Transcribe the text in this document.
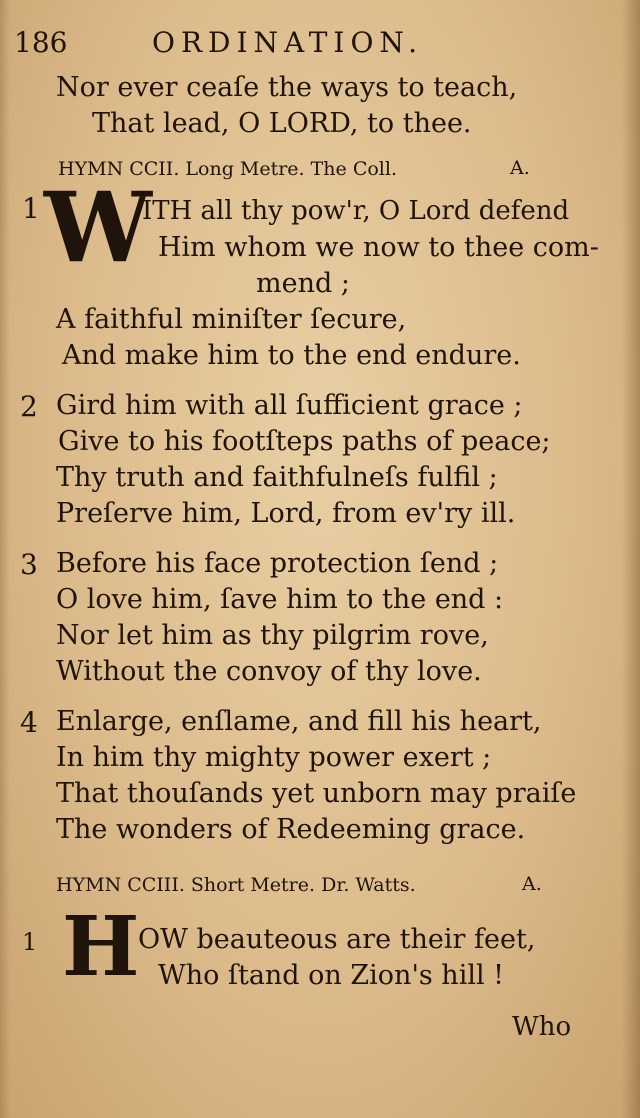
186	ORDINATION.
Nor ever ceaſe the ways to teach,
That lead, O LORD, to thee.
HYMN CCII. Long Metre. The Coll.	A.
1 W
ITH all thy pow'r, O Lord defend
Him whom we now to thee com-
mend ;
A faithful miniſter ſecure,
And make him to the end endure.
2 Gird him with all ſufficient grace ;
Give to his footſteps paths of peace;
Thy truth and faithfulneſs fulfil ;
Preſerve him, Lord, from ev'ry ill.
3 Before his face protection ſend ;
O love him, ſave him to the end :
Nor let him as thy pilgrim rove,
Without the convoy of thy love.
4 Enlarge, enſlame, and fill his heart,
In him thy mighty power exert ;
That thouſands yet unborn may praiſe
The wonders of Redeeming grace.
HYMN CCIII. Short Metre. Dr. Watts.	A.
1 H
OW beauteous are their feet,
Who ſtand on Zion's hill !
Who
